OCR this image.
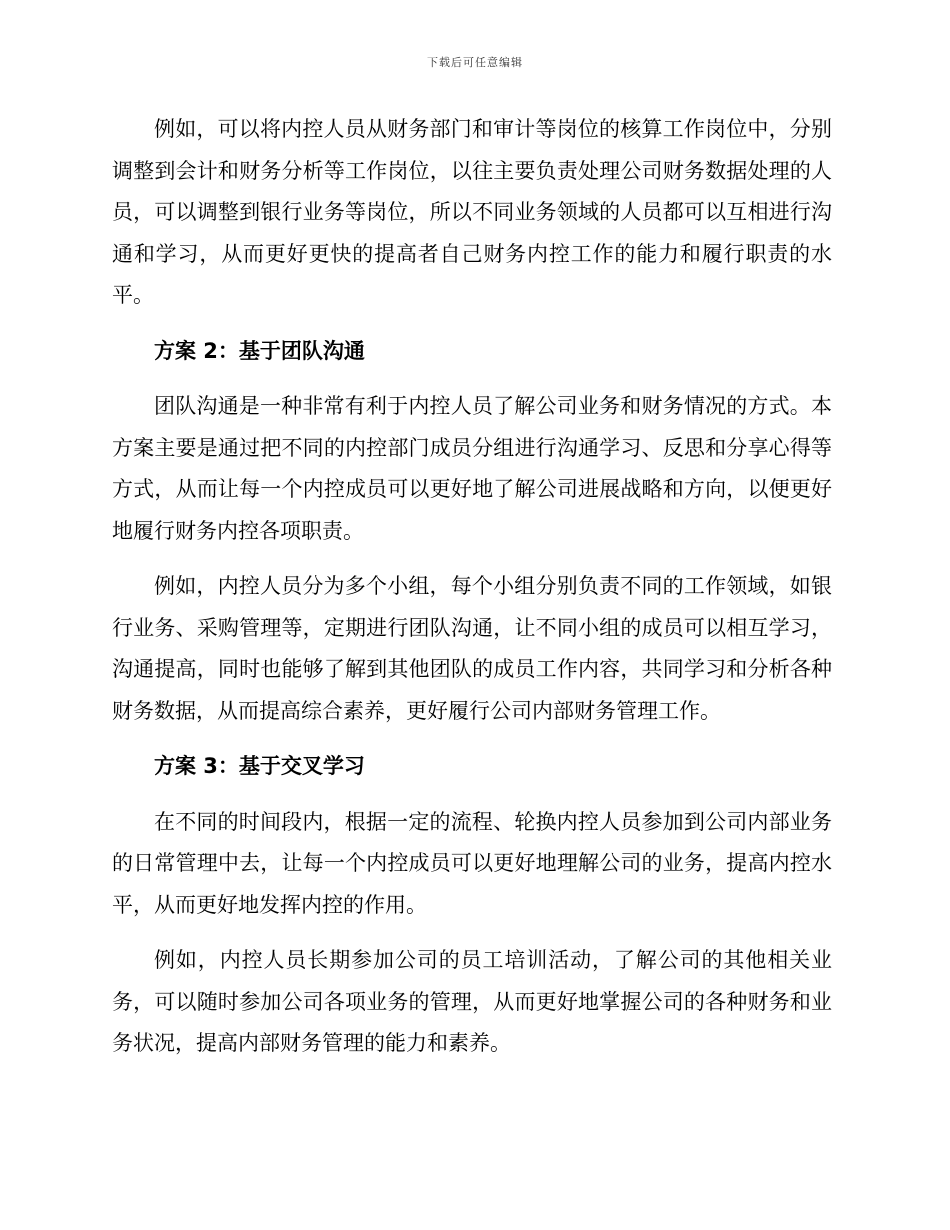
下载后可任意编辑

例如，可以将内控人员从财务部门和审计等岗位的核算工作岗位中，分别调整到会计和财务分析等工作岗位，以往主要负责处理公司财务数据处理的人员，可以调整到银行业务等岗位，所以不同业务领域的人员都可以互相进行沟通和学习，从而更好更快的提高者自己财务内控工作的能力和履行职责的水平。

方案 2：基于团队沟通

团队沟通是一种非常有利于内控人员了解公司业务和财务情况的方式。本方案主要是通过把不同的内控部门成员分组进行沟通学习、反思和分享心得等方式，从而让每一个内控成员可以更好地了解公司进展战略和方向，以便更好地履行财务内控各项职责。

例如，内控人员分为多个小组，每个小组分别负责不同的工作领域，如银行业务、采购管理等，定期进行团队沟通，让不同小组的成员可以相互学习，沟通提高，同时也能够了解到其他团队的成员工作内容，共同学习和分析各种财务数据，从而提高综合素养，更好履行公司内部财务管理工作。

方案 3：基于交叉学习

在不同的时间段内，根据一定的流程、轮换内控人员参加到公司内部业务的日常管理中去，让每一个内控成员可以更好地理解公司的业务，提高内控水平，从而更好地发挥内控的作用。

例如，内控人员长期参加公司的员工培训活动，了解公司的其他相关业务，可以随时参加公司各项业务的管理，从而更好地掌握公司的各种财务和业务状况，提高内部财务管理的能力和素养。
